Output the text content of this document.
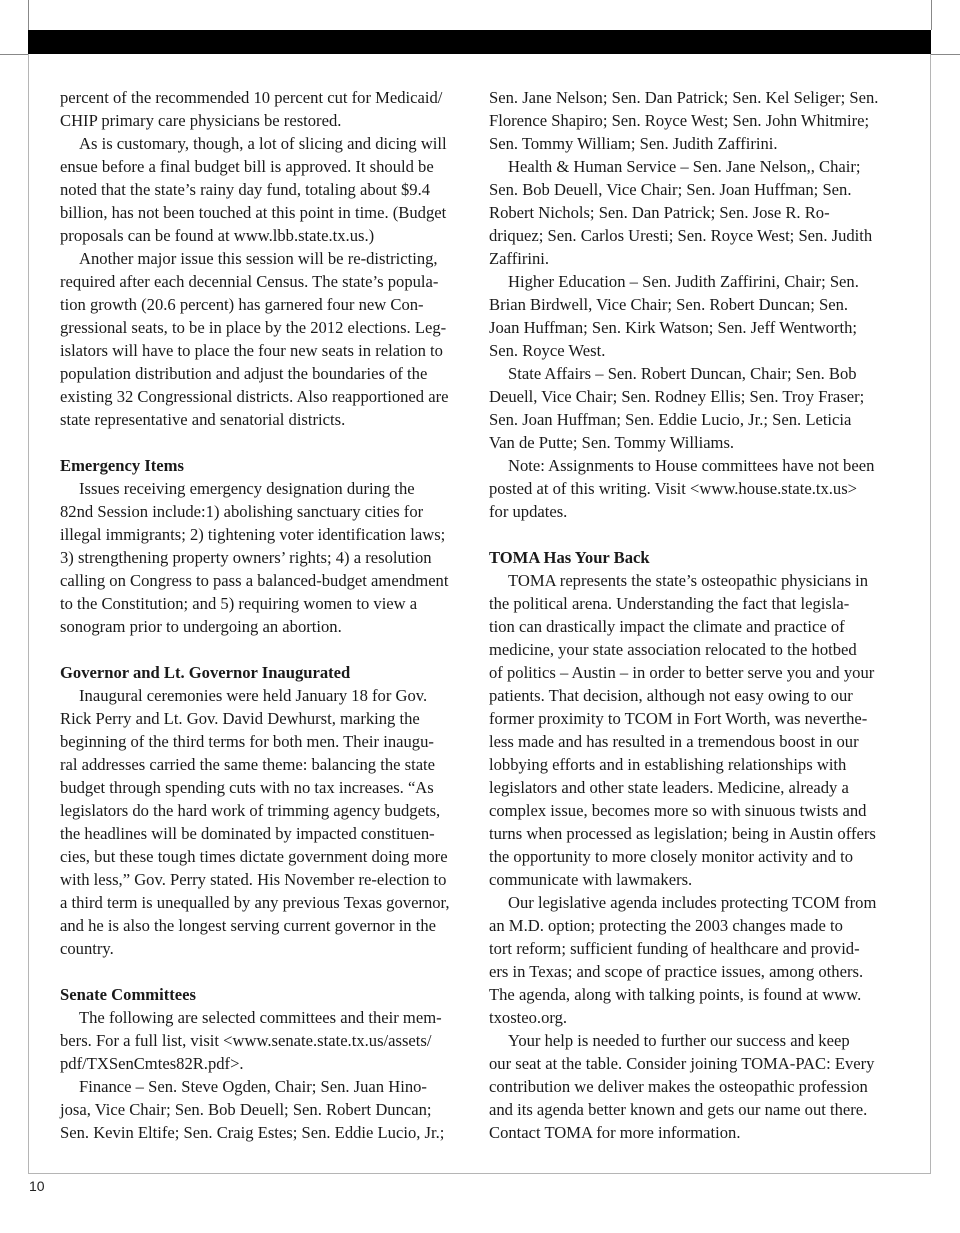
percent of the recommended 10 percent cut for Medicaid/

CHIP primary care physicians be restored.

As is customary, though, a lot of slicing and dicing will

ensue before a final budget bill is approved. It should be

noted that the state’s rainy day fund, totaling about $9.4

billion, has not been touched at this point in time. (Budget

proposals can be found at www.lbb.state.tx.us.)

Another major issue this session will be re-districting,

required after each decennial Census. The state’s popula-

tion growth (20.6 percent) has garnered four new Con-

gressional seats, to be in place by the 2012 elections. Leg-

islators will have to place the four new seats in relation to

population distribution and adjust the boundaries of the

existing 32 Congressional districts. Also reapportioned are

state representative and senatorial districts.

Emergency Items

Issues receiving emergency designation during the

82nd Session include:1) abolishing sanctuary cities for

illegal immigrants; 2) tightening voter identification laws;

3) strengthening property owners’ rights; 4) a resolution

calling on Congress to pass a balanced-budget amendment

to the Constitution; and 5) requiring women to view a

sonogram prior to undergoing an abortion.

Governor and Lt. Governor Inaugurated

Inaugural ceremonies were held January 18 for Gov.

Rick Perry and Lt. Gov. David Dewhurst, marking the

beginning of the third terms for both men. Their inaugu-

ral addresses carried the same theme: balancing the state

budget through spending cuts with no tax increases. “As

legislators do the hard work of trimming agency budgets,

the headlines will be dominated by impacted constituen-

cies, but these tough times dictate government doing more

with less,” Gov. Perry stated. His November re-election to

a third term is unequalled by any previous Texas governor,

and he is also the longest serving current governor in the

country.

Senate Committees

The following are selected committees and their mem-

bers. For a full list, visit <www.senate.state.tx.us/assets/

pdf/TXSenCmtes82R.pdf>.

Finance – Sen. Steve Ogden, Chair; Sen. Juan Hino-

josa, Vice Chair; Sen. Bob Deuell; Sen. Robert Duncan;

Sen. Kevin Eltife; Sen. Craig Estes; Sen. Eddie Lucio, Jr.;

Sen. Jane Nelson; Sen. Dan Patrick; Sen. Kel Seliger; Sen.

Florence Shapiro; Sen. Royce West; Sen. John Whitmire;

Sen. Tommy William; Sen. Judith Zaffirini.

Health & Human Service – Sen. Jane Nelson,, Chair;

Sen. Bob Deuell, Vice Chair; Sen. Joan Huffman; Sen.

Robert Nichols; Sen. Dan Patrick; Sen. Jose R. Ro-

driquez; Sen. Carlos Uresti; Sen. Royce West; Sen. Judith

Zaffirini.

Higher Education – Sen. Judith Zaffirini, Chair; Sen.

Brian Birdwell, Vice Chair; Sen. Robert Duncan; Sen.

Joan Huffman; Sen. Kirk Watson; Sen. Jeff Wentworth;

Sen. Royce West.

State Affairs – Sen. Robert Duncan, Chair; Sen. Bob

Deuell, Vice Chair; Sen. Rodney Ellis; Sen. Troy Fraser;

Sen. Joan Huffman; Sen. Eddie Lucio, Jr.; Sen. Leticia

Van de Putte; Sen. Tommy Williams.

Note: Assignments to House committees have not been

posted at of this writing. Visit <www.house.state.tx.us>

for updates.

TOMA Has Your Back

TOMA represents the state’s osteopathic physicians in

the political arena. Understanding the fact that legisla-

tion can drastically impact the climate and practice of

medicine, your state association relocated to the hotbed

of politics – Austin – in order to better serve you and your

patients. That decision, although not easy owing to our

former proximity to TCOM in Fort Worth, was neverthe-

less made and has resulted in a tremendous boost in our

lobbying efforts and in establishing relationships with

legislators and other state leaders. Medicine, already a

complex issue, becomes more so with sinuous twists and

turns when processed as legislation; being in Austin offers

the opportunity to more closely monitor activity and to

communicate with lawmakers.

Our legislative agenda includes protecting TCOM from

an M.D. option; protecting the 2003 changes made to

tort reform; sufficient funding of healthcare and provid-

ers in Texas; and scope of practice issues, among others.

The agenda, along with talking points, is found at www.

txosteo.org.

Your help is needed to further our success and keep

our seat at the table. Consider joining TOMA-PAC: Every

contribution we deliver makes the osteopathic profession

and its agenda better known and gets our name out there.

Contact TOMA for more information.

10
